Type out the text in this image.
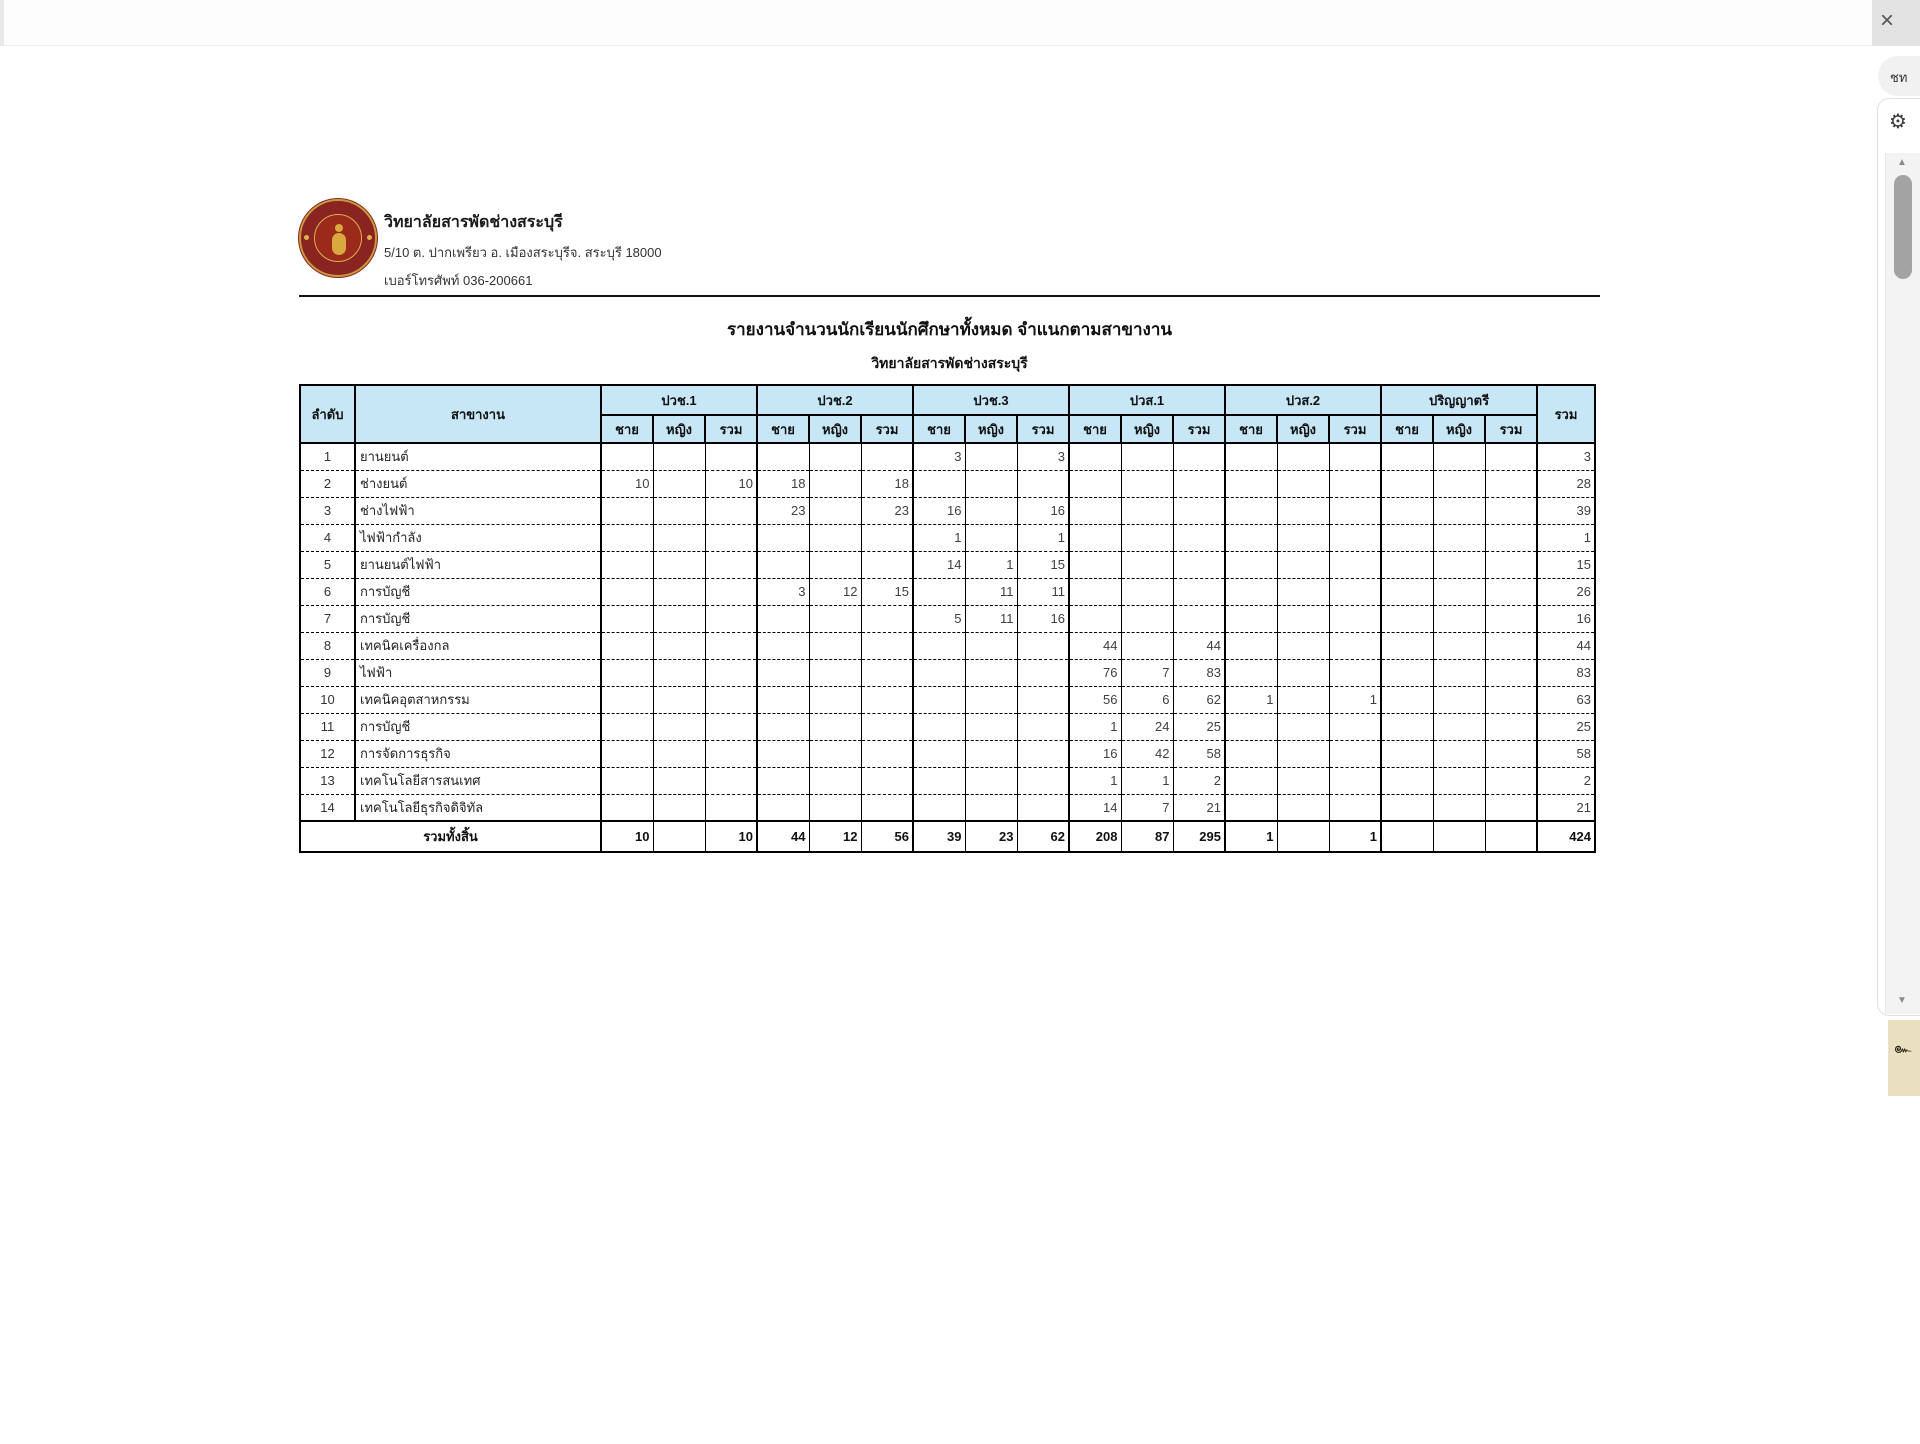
×
ชท
⚙
▲
▼
๛
วิทยาลัยสารพัดช่างสระบุรี
5/10 ต. ปากเพรียว อ. เมืองสระบุรีจ. สระบุรี 18000
เบอร์โทรศัพท์ 036-200661
รายงานจำนวนนักเรียนนักศึกษาทั้งหมด จำแนกตามสาขางาน
วิทยาลัยสารพัดช่างสระบุรี
ลำดับ	สาขางาน	ปวช.1			ปวช.2			ปวช.3			ปวส.1			ปวส.2			ปริญญาตรี			รวม
		ชาย	หญิง	รวม	ชาย	หญิง	รวม	ชาย	หญิง	รวม	ชาย	หญิง	รวม	ชาย	หญิง	รวม	ชาย	หญิง	รวม	
1	ยานยนต์							3		3										3
2	ช่างยนต์	10		10	18		18													28
3	ช่างไฟฟ้า				23		23	16		16										39
4	ไฟฟ้ากำลัง							1		1										1
5	ยานยนต์ไฟฟ้า							14	1	15										15
6	การบัญชี				3	12	15		11	11										26
7	การบัญชี							5	11	16										16
8	เทคนิคเครื่องกล										44		44							44
9	ไฟฟ้า										76	7	83							83
10	เทคนิคอุตสาหกรรม										56	6	62	1		1				63
11	การบัญชี										1	24	25							25
12	การจัดการธุรกิจ										16	42	58							58
13	เทคโนโลยีสารสนเทศ										1	1	2							2
14	เทคโนโลยีธุรกิจดิจิทัล										14	7	21							21
รวมทั้งสิ้น		10		10	44	12	56	39	23	62	208	87	295	1		1				424
